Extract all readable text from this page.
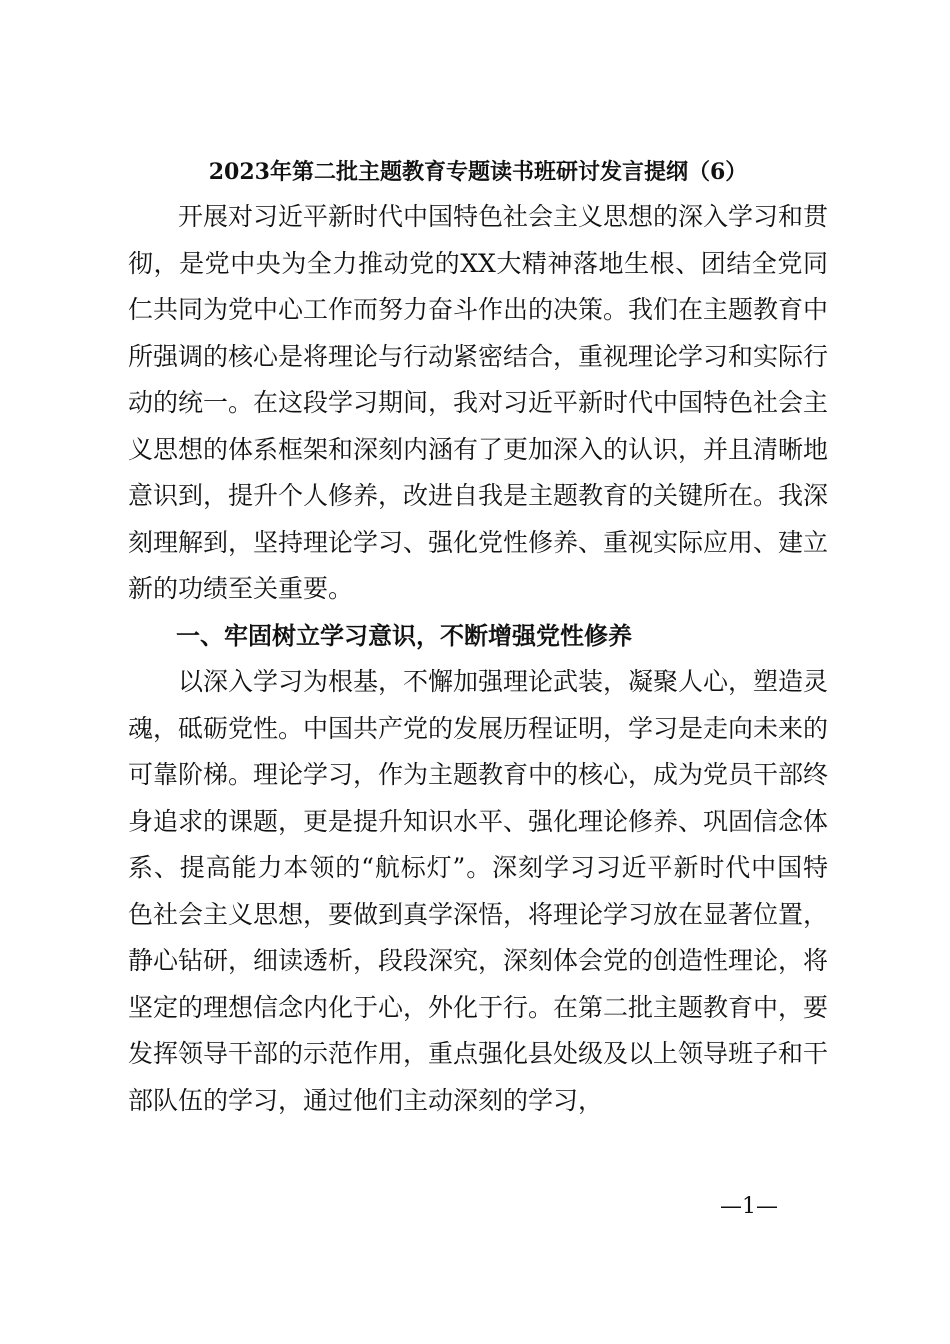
2023年第二批主题教育专题读书班研讨发言提纲（6）

开展对习近平新时代中国特色社会主义思想的深入学习和贯彻，是党中央为全力推动党的XX大精神落地生根、团结全党同仁共同为党中心工作而努力奋斗作出的决策。我们在主题教育中所强调的核心是将理论与行动紧密结合，重视理论学习和实际行动的统一。在这段学习期间，我对习近平新时代中国特色社会主义思想的体系框架和深刻内涵有了更加深入的认识，并且清晰地意识到，提升个人修养，改进自我是主题教育的关键所在。我深刻理解到，坚持理论学习、强化党性修养、重视实际应用、建立新的功绩至关重要。

一、牢固树立学习意识，不断增强党性修养

以深入学习为根基，不懈加强理论武装，凝聚人心，塑造灵魂，砥砺党性。中国共产党的发展历程证明，学习是走向未来的可靠阶梯。理论学习，作为主题教育中的核心，成为党员干部终身追求的课题，更是提升知识水平、强化理论修养、巩固信念体系、提高能力本领的“航标灯”。深刻学习习近平新时代中国特色社会主义思想，要做到真学深悟，将理论学习放在显著位置，静心钻研，细读透析，段段深究，深刻体会党的创造性理论，将坚定的理想信念内化于心，外化于行。在第二批主题教育中，要发挥领导干部的示范作用，重点强化县处级及以上领导班子和干部队伍的学习，通过他们主动深刻的学习，

—1—
